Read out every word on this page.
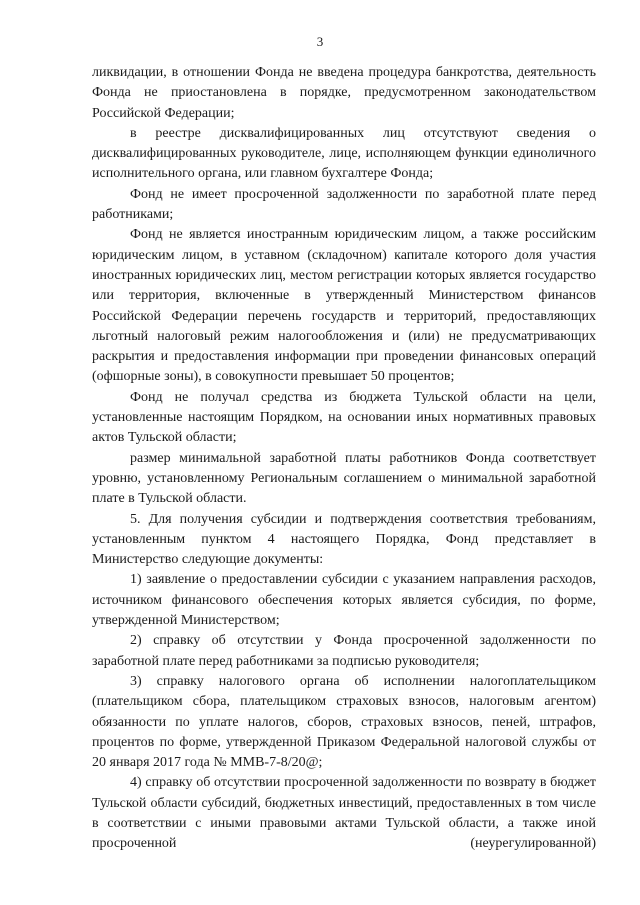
3

ликвидации, в отношении Фонда не введена процедура банкротства, деятельность Фонда не приостановлена в порядке, предусмотренном законодательством Российской Федерации;

в реестре дисквалифицированных лиц отсутствуют сведения о дисквалифицированных руководителе, лице, исполняющем функции единоличного исполнительного органа, или главном бухгалтере Фонда;

Фонд не имеет просроченной задолженности по заработной плате перед работниками;

Фонд не является иностранным юридическим лицом, а также российским юридическим лицом, в уставном (складочном) капитале которого доля участия иностранных юридических лиц, местом регистрации которых является государство или территория, включенные в утвержденный Министерством финансов Российской Федерации перечень государств и территорий, предоставляющих льготный налоговый режим налогообложения и (или) не предусматривающих раскрытия и предоставления информации при проведении финансовых операций (офшорные зоны), в совокупности превышает 50 процентов;

Фонд не получал средства из бюджета Тульской области на цели, установленные настоящим Порядком, на основании иных нормативных правовых актов Тульской области;

размер минимальной заработной платы работников Фонда соответствует уровню, установленному Региональным соглашением о минимальной заработной плате в Тульской области.

5. Для получения субсидии и подтверждения соответствия требованиям, установленным пунктом 4 настоящего Порядка, Фонд представляет в Министерство следующие документы:

1) заявление о предоставлении субсидии с указанием направления расходов, источником финансового обеспечения которых является субсидия, по форме, утвержденной Министерством;

2) справку об отсутствии у Фонда просроченной задолженности по заработной плате перед работниками за подписью руководителя;

3) справку налогового органа об исполнении налогоплательщиком (плательщиком сбора, плательщиком страховых взносов, налоговым агентом) обязанности по уплате налогов, сборов, страховых взносов, пеней, штрафов, процентов по форме, утвержденной Приказом Федеральной налоговой службы от 20 января 2017 года № ММВ-7-8/20@;

4) справку об отсутствии просроченной задолженности по возврату в бюджет Тульской области субсидий, бюджетных инвестиций, предоставленных в том числе в соответствии с иными правовыми актами Тульской области, а также иной просроченной (неурегулированной)
